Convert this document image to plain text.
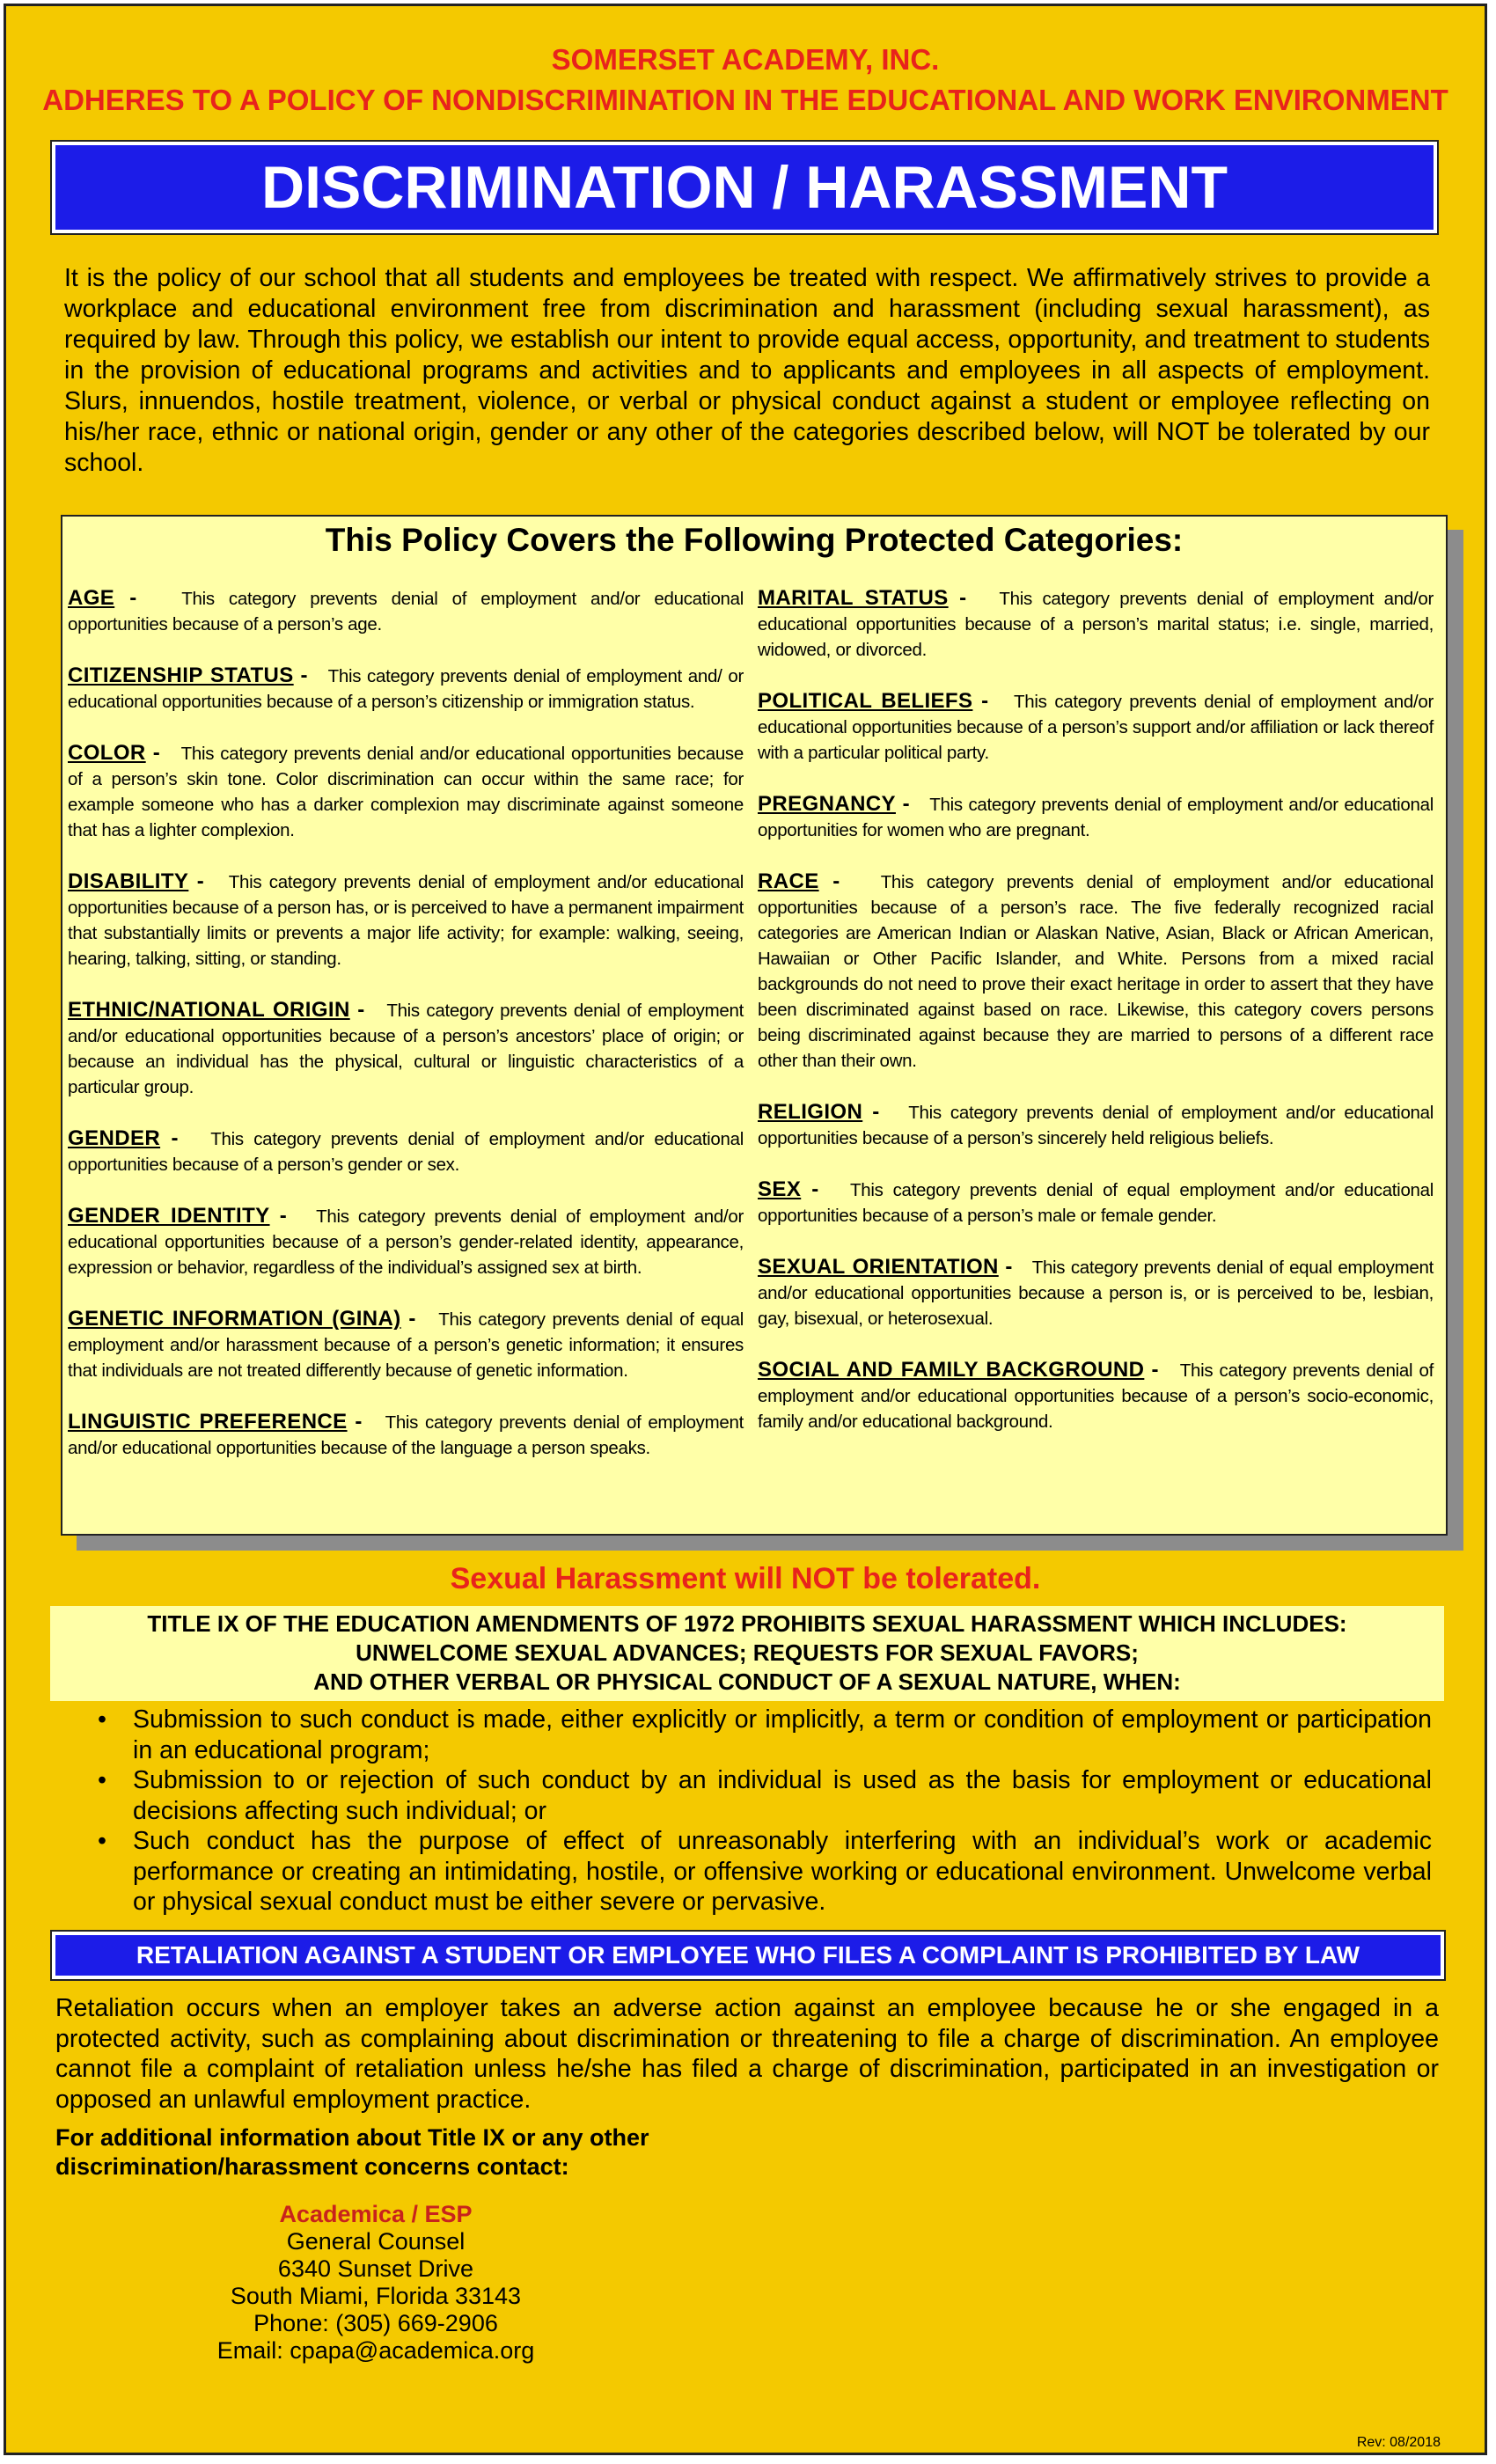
SOMERSET ACADEMY, INC.
ADHERES TO A POLICY OF NONDISCRIMINATION IN THE EDUCATIONAL AND WORK ENVIRONMENT
DISCRIMINATION / HARASSMENT
It is the policy of our school that all students and employees be treated with respect. We affirmatively strives to provide a workplace and educational environment free from discrimination and harassment (including sexual harassment), as required by law. Through this policy, we establish our intent to provide equal access, opportunity, and treatment to students in the provision of educational programs and activities and to applicants and employees in all aspects of employment. Slurs, innuendos, hostile treatment, violence, or verbal or physical conduct against a student or employee reflecting on his/her race, ethnic or national origin, gender or any other of the categories described below, will NOT be tolerated by our school.
This Policy Covers the Following Protected Categories:
AGE -   This category prevents denial of employment and/or educational opportunities because of a person’s age.
CITIZENSHIP STATUS -   This category prevents denial of employment and/ or educational opportunities because of a person’s citizenship or immigration status.
COLOR -   This category prevents denial and/or educational opportunities because of a person’s skin tone. Color discrimination can occur within the same race; for example someone who has a darker complexion may discriminate against someone that has a lighter complexion.
DISABILITY -   This category prevents denial of employment and/or educational opportunities because of a person has, or is perceived to have a permanent impairment that substantially limits or prevents a major life activity; for example: walking, seeing, hearing, talking, sitting, or standing.
ETHNIC/NATIONAL ORIGIN -   This category prevents denial of employment and/or educational opportunities because of a person’s ancestors’ place of origin; or because an individual has the physical, cultural or linguistic characteristics of a particular group.
GENDER -   This category prevents denial of employment and/or educational opportunities because of a person’s gender or sex.
GENDER IDENTITY -   This category prevents denial of employment and/or educational opportunities because of a person’s gender-related identity, appearance, expression or behavior, regardless of the individual’s assigned sex at birth.
GENETIC INFORMATION (GINA) -   This category prevents denial of equal employment and/or harassment because of a person’s genetic information; it ensures that individuals are not treated differently because of genetic information.
LINGUISTIC PREFERENCE -   This category prevents denial of employment and/or educational opportunities because of the language a person speaks.
MARITAL STATUS -   This category prevents denial of employment and/or educational opportunities because of a person’s marital status; i.e. single, married, widowed, or divorced.
POLITICAL BELIEFS -   This category prevents denial of employment and/or educational opportunities because of a person’s support and/or affiliation or lack thereof with a particular political party.
PREGNANCY -   This category prevents denial of employment and/or educational opportunities for women who are pregnant.
RACE -   This category prevents denial of employment and/or educational opportunities because of a person’s race. The five federally recognized racial categories are American Indian or Alaskan Native, Asian, Black or African American, Hawaiian or Other Pacific Islander, and White. Persons from a mixed racial backgrounds do not need to prove their exact heritage in order to assert that they have been discriminated against based on race. Likewise, this category covers persons being discriminated against because they are married to persons of a different race other than their own.
RELIGION -   This category prevents denial of employment and/or educational opportunities because of a person’s sincerely held religious beliefs.
SEX -   This category prevents denial of equal employment and/or educational opportunities because of a person’s male or female gender.
SEXUAL ORIENTATION -   This category prevents denial of equal employment and/or educational opportunities because a person is, or is perceived to be, lesbian, gay, bisexual, or heterosexual.
SOCIAL AND FAMILY BACKGROUND -   This category prevents denial of employment and/or educational opportunities because of a person’s socio-economic, family and/or educational background.
Sexual Harassment will NOT be tolerated.
TITLE IX OF THE EDUCATION AMENDMENTS OF 1972 PROHIBITS SEXUAL HARASSMENT WHICH INCLUDES:
UNWELCOME SEXUAL ADVANCES; REQUESTS FOR SEXUAL FAVORS;
AND OTHER VERBAL OR PHYSICAL CONDUCT OF A SEXUAL NATURE, WHEN:
• Submission to such conduct is made, either explicitly or implicitly, a term or condition of employment or participation in an educational program;
• Submission to or rejection of such conduct by an individual is used as the basis for employment or educational decisions affecting such individual; or
• Such conduct has the purpose of effect of unreasonably interfering with an individual’s work or academic performance or creating an intimidating, hostile, or offensive working or educational environment. Unwelcome verbal or physical sexual conduct must be either severe or pervasive.
RETALIATION AGAINST A STUDENT OR EMPLOYEE WHO FILES A COMPLAINT IS PROHIBITED BY LAW
Retaliation occurs when an employer takes an adverse action against an employee because he or she engaged in a protected activity, such as complaining about discrimination or threatening to file a charge of discrimination. An employee cannot file a complaint of retaliation unless he/she has filed a charge of discrimination, participated in an investigation or opposed an unlawful employment practice.
For additional information about Title IX or any other
discrimination/harassment concerns contact:
Academica / ESP
General Counsel
6340 Sunset Drive
South Miami, Florida 33143
Phone: (305) 669-2906
Email: cpapa@academica.org
Rev: 08/2018
